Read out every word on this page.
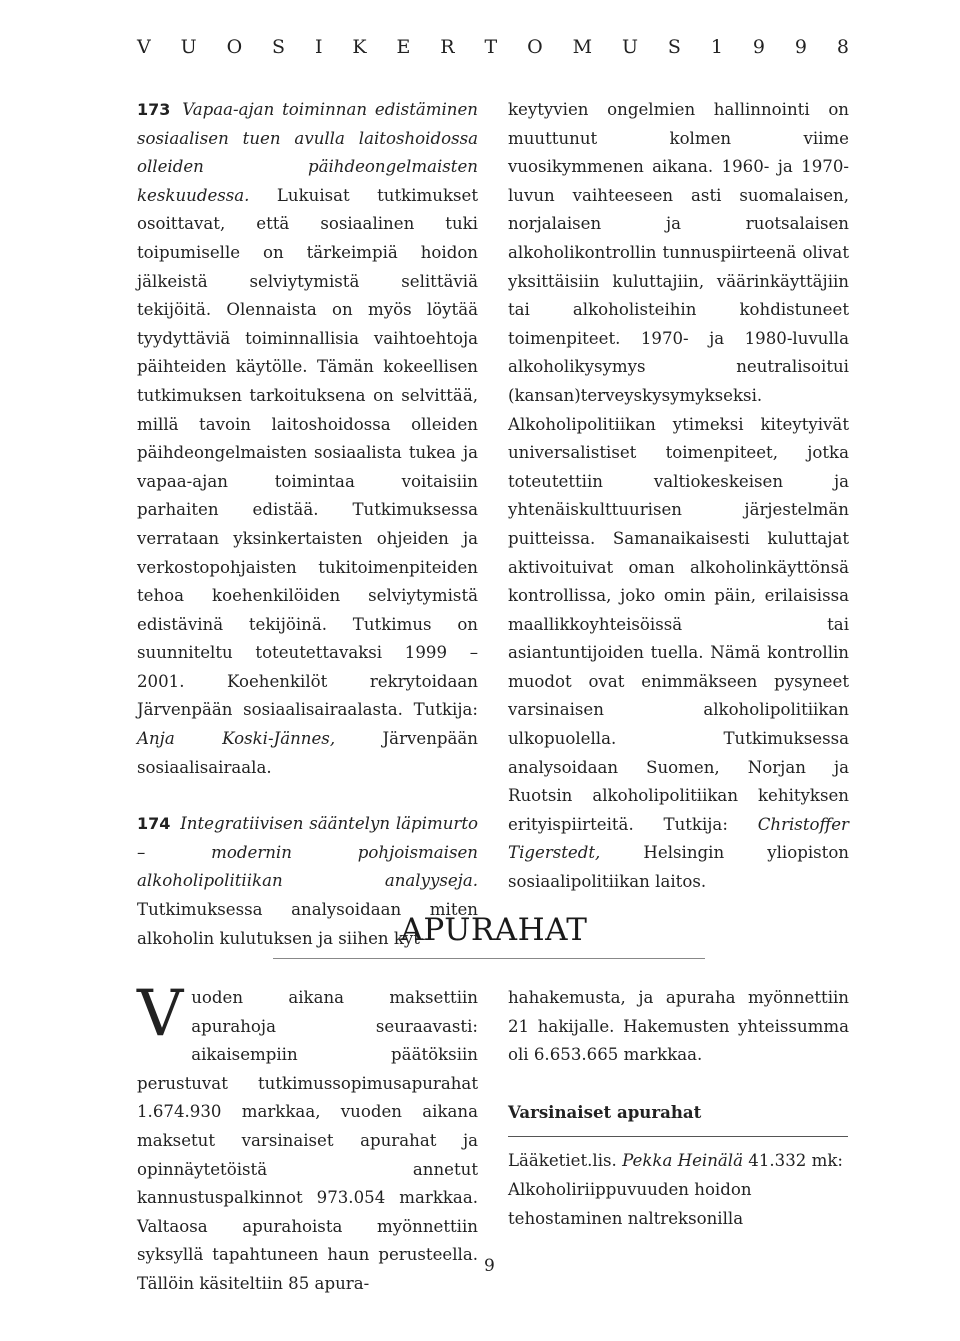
V U O S I K E R T O M U S 1 9 9 8

173 Vapaa-ajan toiminnan edistäminen sosiaalisen tuen avulla laitoshoidossa olleiden päihdeongelmaisten keskuudessa. Lukuisat tutkimukset osoittavat, että sosiaalinen tuki toipumiselle on tärkeimpiä hoidon jälkeistä selviytymistä selittäviä tekijöitä. Olennaista on myös löytää tyydyttäviä toiminnallisia vaihtoehtoja päihteiden käytölle. Tämän kokeellisen tutkimuksen tarkoituksena on selvittää, millä tavoin laitoshoidossa olleiden päihdeongelmaisten sosiaalista tukea ja vapaa-ajan toimintaa voitaisiin parhaiten edistää. Tutkimuksessa verrataan yksinkertaisten ohjeiden ja verkostopohjaisten tukitoimenpiteiden tehoa koehenkilöiden selviytymistä edistävinä tekijöinä. Tutkimus on suunniteltu toteutettavaksi 1999 – 2001. Koehenkilöt rekrytoidaan Järvenpään sosiaalisairaalasta. Tutkija: Anja Koski-Jännes,	Järvenpään sosiaalisairaala.

174 Integratiivisen sääntelyn läpimurto – modernin pohjoismaisen alkoholipolitiikan analyyseja. Tutkimuksessa analysoidaan miten alkoholin kulutuksen ja siihen kyt-

keytyvien ongelmien hallinnointi on muuttunut kolmen viime vuosikymmenen aikana. 1960- ja 1970-luvun vaihteeseen asti suomalaisen, norjalaisen ja ruotsalaisen alkoholikontrollin tunnuspiirteenä olivat yksittäisiin kuluttajiin, väärinkäyttäjiin tai alkoholisteihin kohdistuneet toimenpiteet. 1970- ja 1980-luvulla alkoholikysymys neutralisoitui (kansan)terveyskysymykseksi. Alkoholipolitiikan ytimeksi kiteytyivät universalistiset toimenpiteet, jotka toteutettiin valtiokeskeisen ja yhtenäiskulttuurisen järjestelmän puitteissa. Samanaikaisesti kuluttajat aktivoituivat oman alkoholinkäyttönsä kontrollissa, joko omin päin, erilaisissa maallikkoyhteisöissä tai asiantuntijoiden tuella. Nämä kontrollin muodot ovat enimmäkseen pysyneet varsinaisen alkoholipolitiikan ulkopuolella. Tutkimuksessa analysoidaan Suomen, Norjan ja Ruotsin alkoholipolitiikan kehityksen erityispiirteitä. Tutkija: Christoffer Tigerstedt,	Helsingin yliopiston sosiaalipolitiikan laitos.

APURAHAT

V uoden aikana maksettiin apurahoja seuraavasti: aikaisempiin päätöksiin perustuvat tutkimussopimusapurahat 1.674.930 markkaa, vuoden aikana maksetut varsinaiset apurahat ja opinnäytetöistä annetut kannustuspalkinnot 973.054 markkaa. Valtaosa apurahoista myönnettiin syksyllä tapahtuneen haun perusteella. Tällöin käsiteltiin 85 apura-

hahakemusta, ja apuraha myönnettiin 21 hakijalle. Hakemusten yhteissumma oli 6.653.665 markkaa.

Varsinaiset apurahat

Lääketiet.lis. Pekka Heinälä 41.332 mk: Alkoholiriippuvuuden hoidon tehostaminen naltreksonilla

9
